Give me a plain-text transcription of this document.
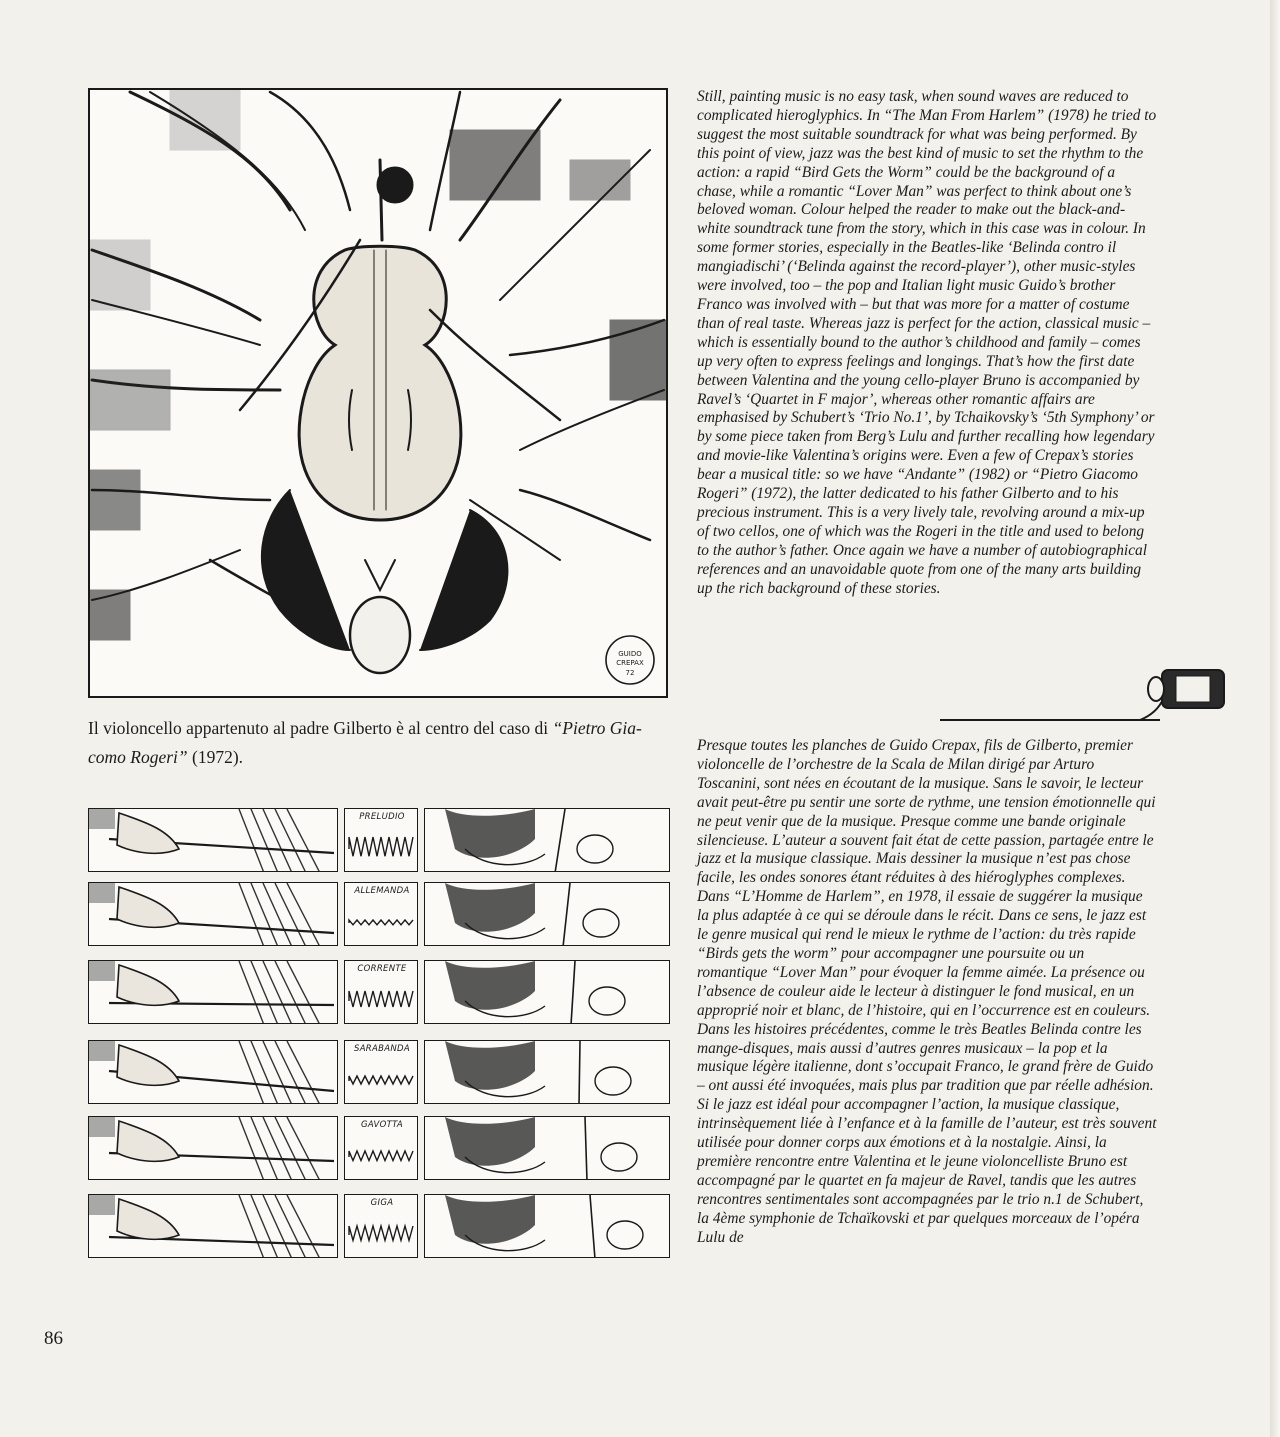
GUIDO
CREPAX
72

Il violoncello appartenuto al padre Gilberto è al centro del caso di “Pietro Giacomo Rogeri” (1972).

PRELUDIO
ALLEMANDA
CORRENTE
SARABANDA
GAVOTTA
GIGA

Still, painting music is no easy task, when sound waves are reduced to complicated hieroglyphics. In “The Man From Harlem” (1978) he tried to suggest the most suitable soundtrack for what was being performed. By this point of view, jazz was the best kind of music to set the rhythm to the action: a rapid “Bird Gets the Worm” could be the background of a chase, while a romantic “Lover Man” was perfect to think about one’s beloved woman. Colour helped the reader to make out the black-and-white soundtrack tune from the story, which in this case was in colour. In some former stories, especially in the Beatles-like ‘Belinda contro il mangiadischi’ (‘Belinda against the record-player’), other music-styles were involved, too – the pop and Italian light music Guido’s brother Franco was involved with – but that was more for a matter of costume than of real taste. Whereas jazz is perfect for the action, classical music – which is essentially bound to the author’s childhood and family – comes up very often to express feelings and longings. That’s how the first date between Valentina and the young cello-player Bruno is accompanied by Ravel’s ‘Quartet in F major’, whereas other romantic affairs are emphasised by Schubert’s ‘Trio No.1’, by Tchaikovsky’s ‘5th Symphony’ or by some piece taken from Berg’s Lulu and further recalling how legendary and movie-like Valentina’s origins were. Even a few of Crepax’s stories bear a musical title: so we have “Andante” (1982) or “Pietro Giacomo Rogeri” (1972), the latter dedicated to his father Gilberto and to his precious instrument. This is a very lively tale, revolving around a mix-up of two cellos, one of which was the Rogeri in the title and used to belong to the author’s father. Once again we have a number of autobiographical references and an unavoidable quote from one of the many arts building up the rich background of these stories.

Presque toutes les planches de Guido Crepax, fils de Gilberto, premier violoncelle de l’orchestre de la Scala de Milan dirigé par Arturo Toscanini, sont nées en écoutant de la musique. Sans le savoir, le lecteur avait peut-être pu sentir une sorte de rythme, une tension émotionnelle qui ne peut venir que de la musique. Presque comme une bande originale silencieuse. L’auteur a souvent fait état de cette passion, partagée entre le jazz et la musique classique. Mais dessiner la musique n’est pas chose facile, les ondes sonores étant réduites à des hiéroglyphes complexes. Dans “L’Homme de Harlem”, en 1978, il essaie de suggérer la musique la plus adaptée à ce qui se déroule dans le récit. Dans ce sens, le jazz est le genre musical qui rend le mieux le rythme de l’action: du très rapide “Birds gets the worm” pour accompagner une poursuite ou un romantique “Lover Man” pour évoquer la femme aimée. La présence ou l’absence de couleur aide le lecteur à distinguer le fond musical, en un approprié noir et blanc, de l’histoire, qui en l’occurrence est en couleurs. Dans les histoires précédentes, comme le très Beatles Belinda contre les mange-disques, mais aussi d’autres genres musicaux – la pop et la musique légère italienne, dont s’occupait Franco, le grand frère de Guido – ont aussi été invoquées, mais plus par tradition que par réelle adhésion. Si le jazz est idéal pour accompagner l’action, la musique classique, intrinsèquement liée à l’enfance et à la famille de l’auteur, est très souvent utilisée pour donner corps aux émotions et à la nostalgie. Ainsi, la première rencontre entre Valentina et le jeune violoncelliste Bruno est accompagné par le quartet en fa majeur de Ravel, tandis que les autres rencontres sentimentales sont accompagnées par le trio n.1 de Schubert, la 4ème symphonie de Tchaïkovski et par quelques morceaux de l’opéra Lulu de

86
